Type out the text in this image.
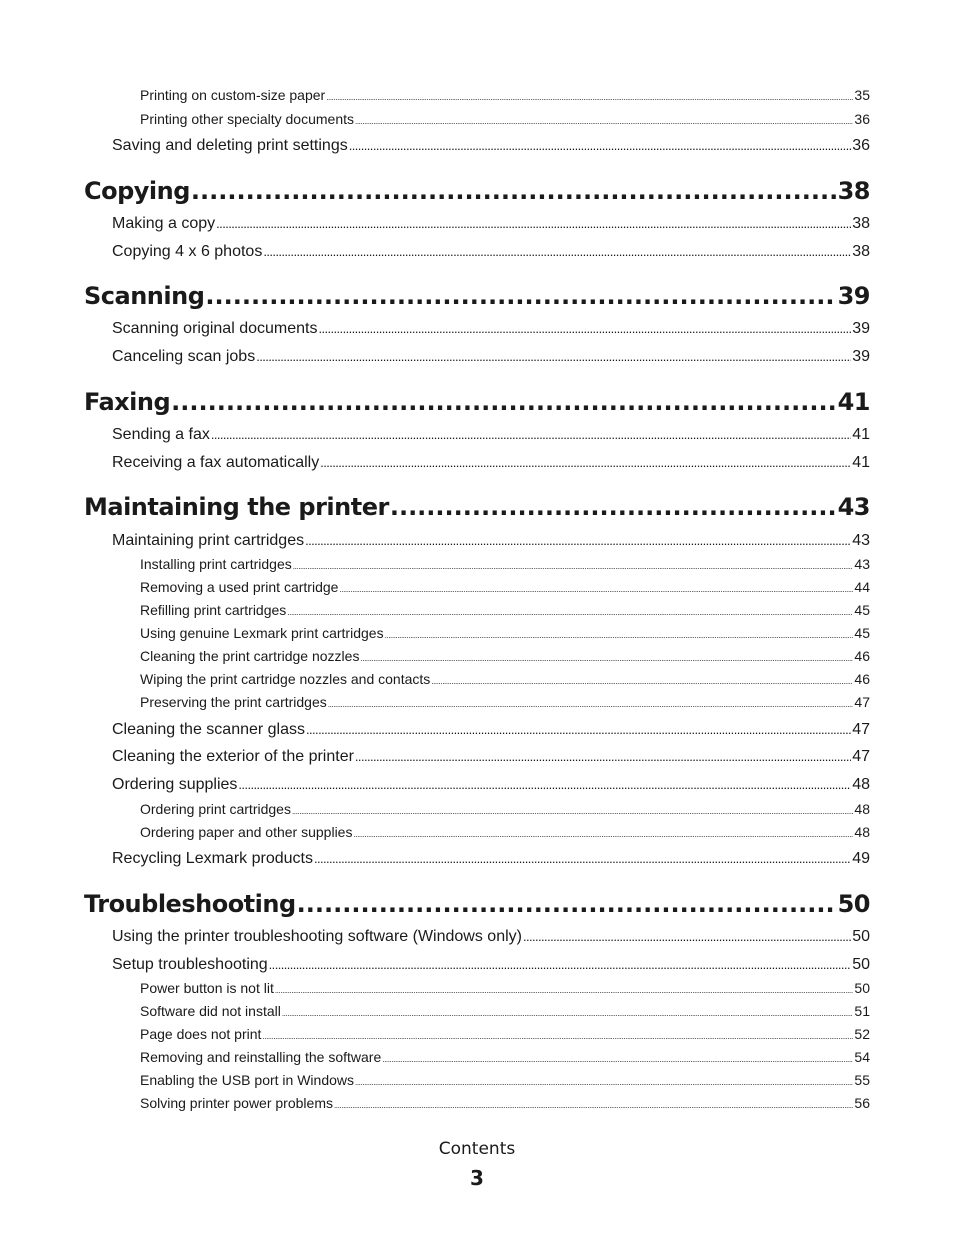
Printing on custom-size paper .....	35
Printing other specialty documents .....	36
Saving and deleting print settings .....	36
Copying .....	38
Making a copy .....	38
Copying 4 x 6 photos .....	38
Scanning .....	39
Scanning original documents .....	39
Canceling scan jobs .....	39
Faxing .....	41
Sending a fax .....	41
Receiving a fax automatically .....	41
Maintaining the printer .....	43
Maintaining print cartridges .....	43
Installing print cartridges .....	43
Removing a used print cartridge .....	44
Refilling print cartridges .....	45
Using genuine Lexmark print cartridges .....	45
Cleaning the print cartridge nozzles .....	46
Wiping the print cartridge nozzles and contacts .....	46
Preserving the print cartridges .....	47
Cleaning the scanner glass .....	47
Cleaning the exterior of the printer .....	47
Ordering supplies .....	48
Ordering print cartridges .....	48
Ordering paper and other supplies .....	48
Recycling Lexmark products .....	49
Troubleshooting .....	50
Using the printer troubleshooting software (Windows only) .....	50
Setup troubleshooting .....	50
Power button is not lit .....	50
Software did not install .....	51
Page does not print .....	52
Removing and reinstalling the software .....	54
Enabling the USB port in Windows .....	55
Solving printer power problems .....	56
Contents
3
